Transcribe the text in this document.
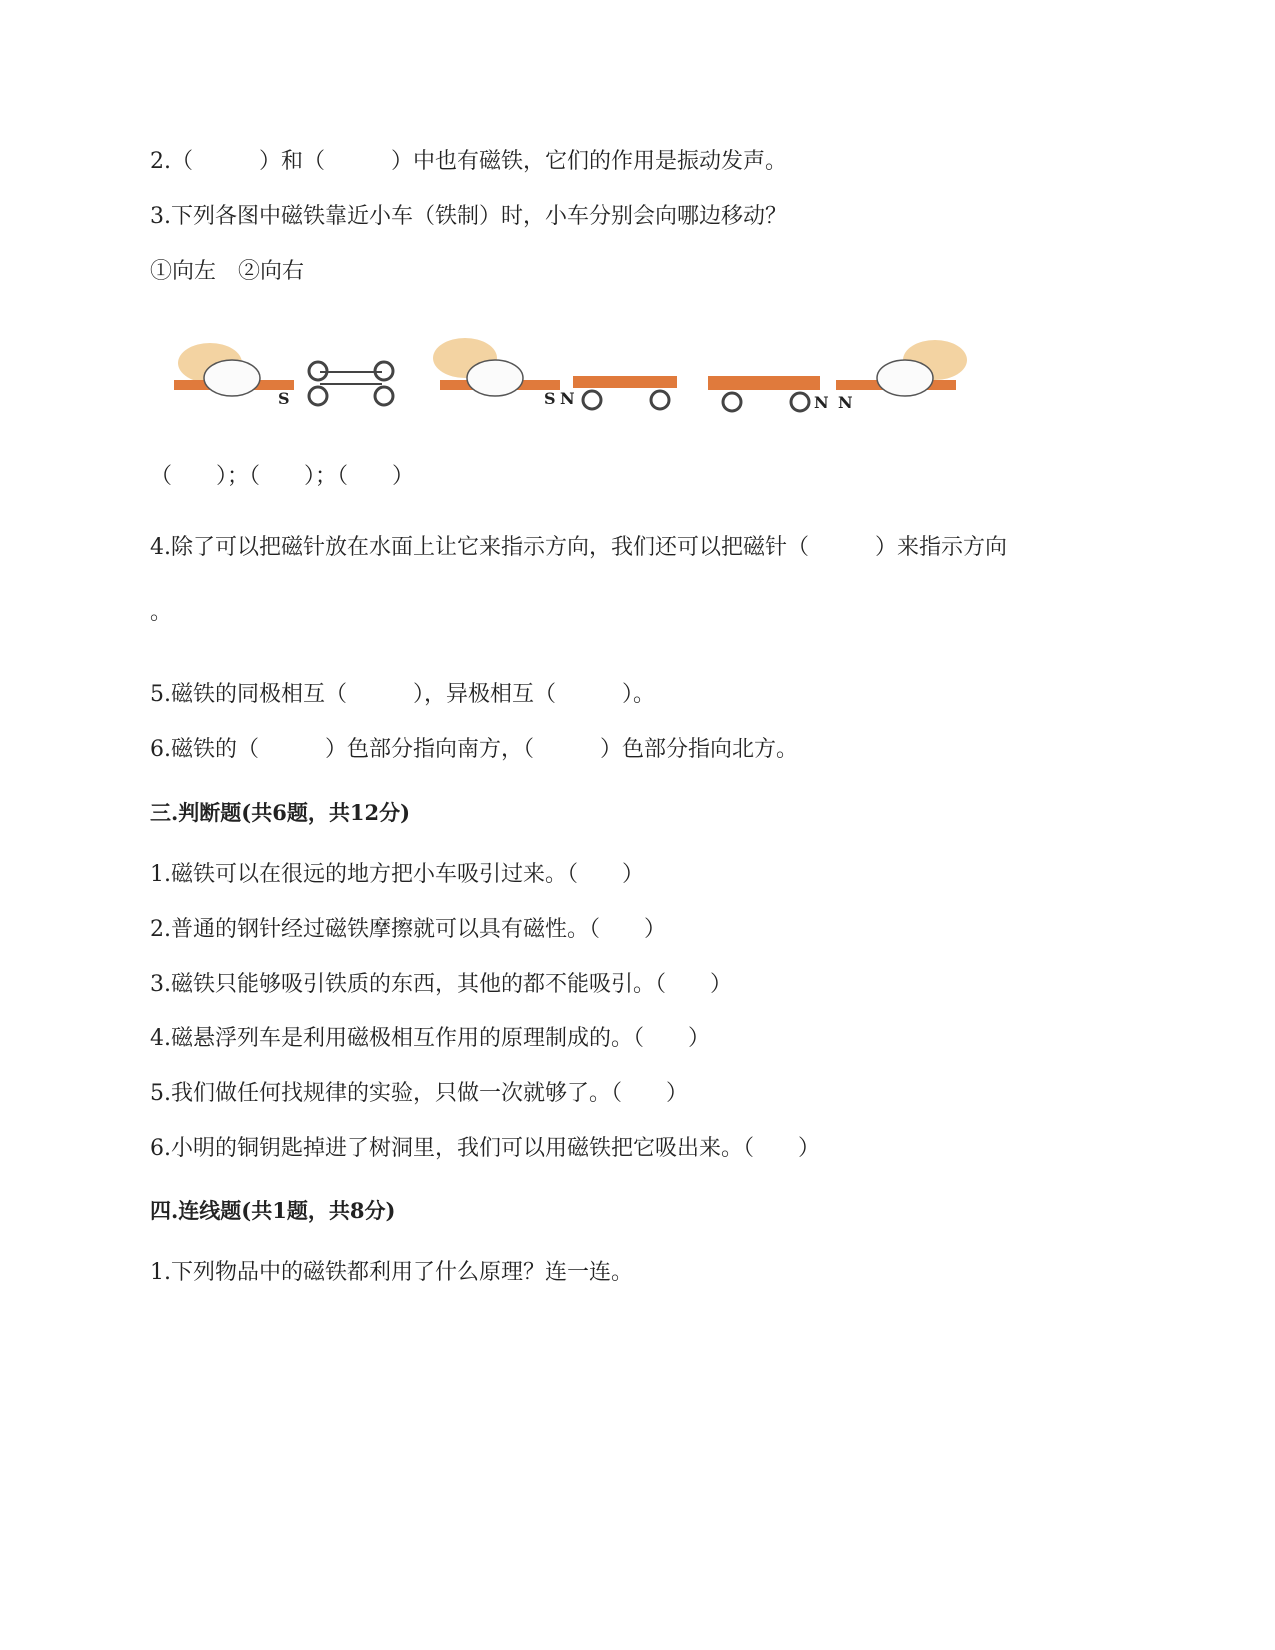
2.（　　　）和（　　　）中也有磁铁，它们的作用是振动发声。
3.下列各图中磁铁靠近小车（铁制）时，小车分别会向哪边移动？
①向左　②向右
S	S N	N N
（　　）；（　　）；（　　）
4.除了可以把磁针放在水面上让它来指示方向，我们还可以把磁针（　　　）来指示方向
。
5.磁铁的同极相互（　　　），异极相互（　　　）。
6.磁铁的（　　　）色部分指向南方，（　　　）色部分指向北方。
三.判断题(共6题，共12分)
1.磁铁可以在很远的地方把小车吸引过来。（　　）
2.普通的钢针经过磁铁摩擦就可以具有磁性。（　　）
3.磁铁只能够吸引铁质的东西，其他的都不能吸引。（　　）
4.磁悬浮列车是利用磁极相互作用的原理制成的。（　　）
5.我们做任何找规律的实验，只做一次就够了。（　　）
6.小明的铜钥匙掉进了树洞里，我们可以用磁铁把它吸出来。（　　）
四.连线题(共1题，共8分)
1.下列物品中的磁铁都利用了什么原理？连一连。
